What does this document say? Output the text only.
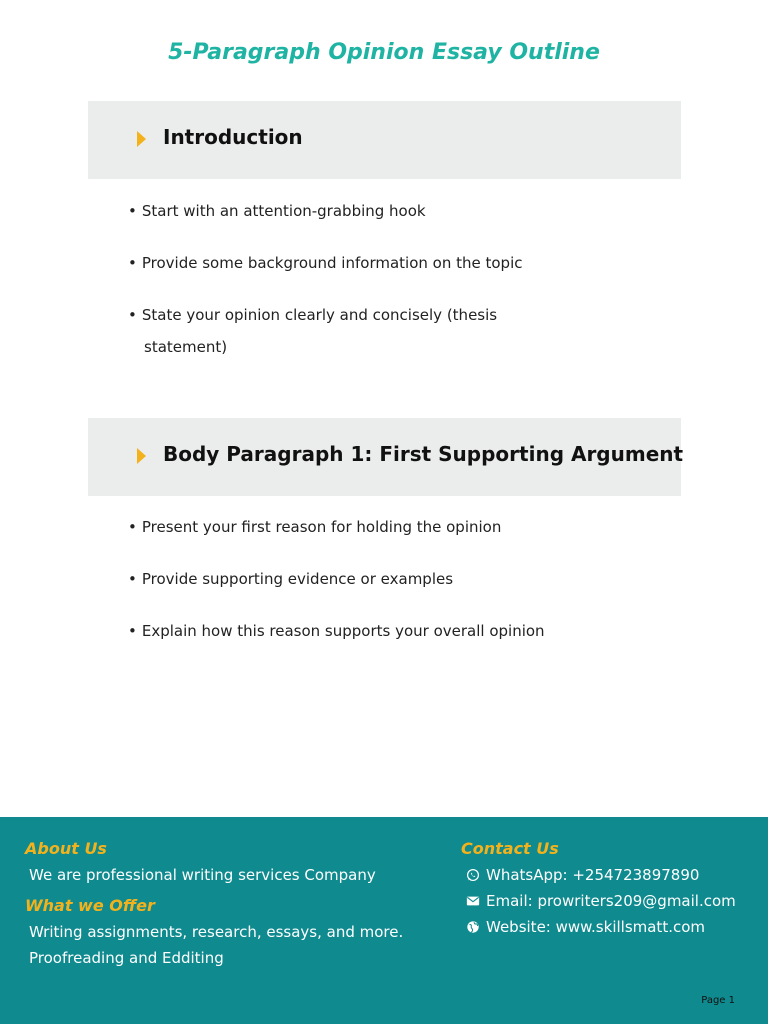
5-Paragraph Opinion Essay Outline
Introduction
• Start with an attention-grabbing hook
• Provide some background information on the topic
• State your opinion clearly and concisely (thesis
statement)
Body Paragraph 1: First Supporting Argument
• Present your first reason for holding the opinion
• Provide supporting evidence or examples
• Explain how this reason supports your overall opinion
About Us
We are professional writing services Company
What we Offer
Writing assignments, research, essays, and more.
Proofreading and Edditing
Contact Us
WhatsApp: +254723897890
Email: prowriters209@gmail.com
Website: www.skillsmatt.com
Page 1
